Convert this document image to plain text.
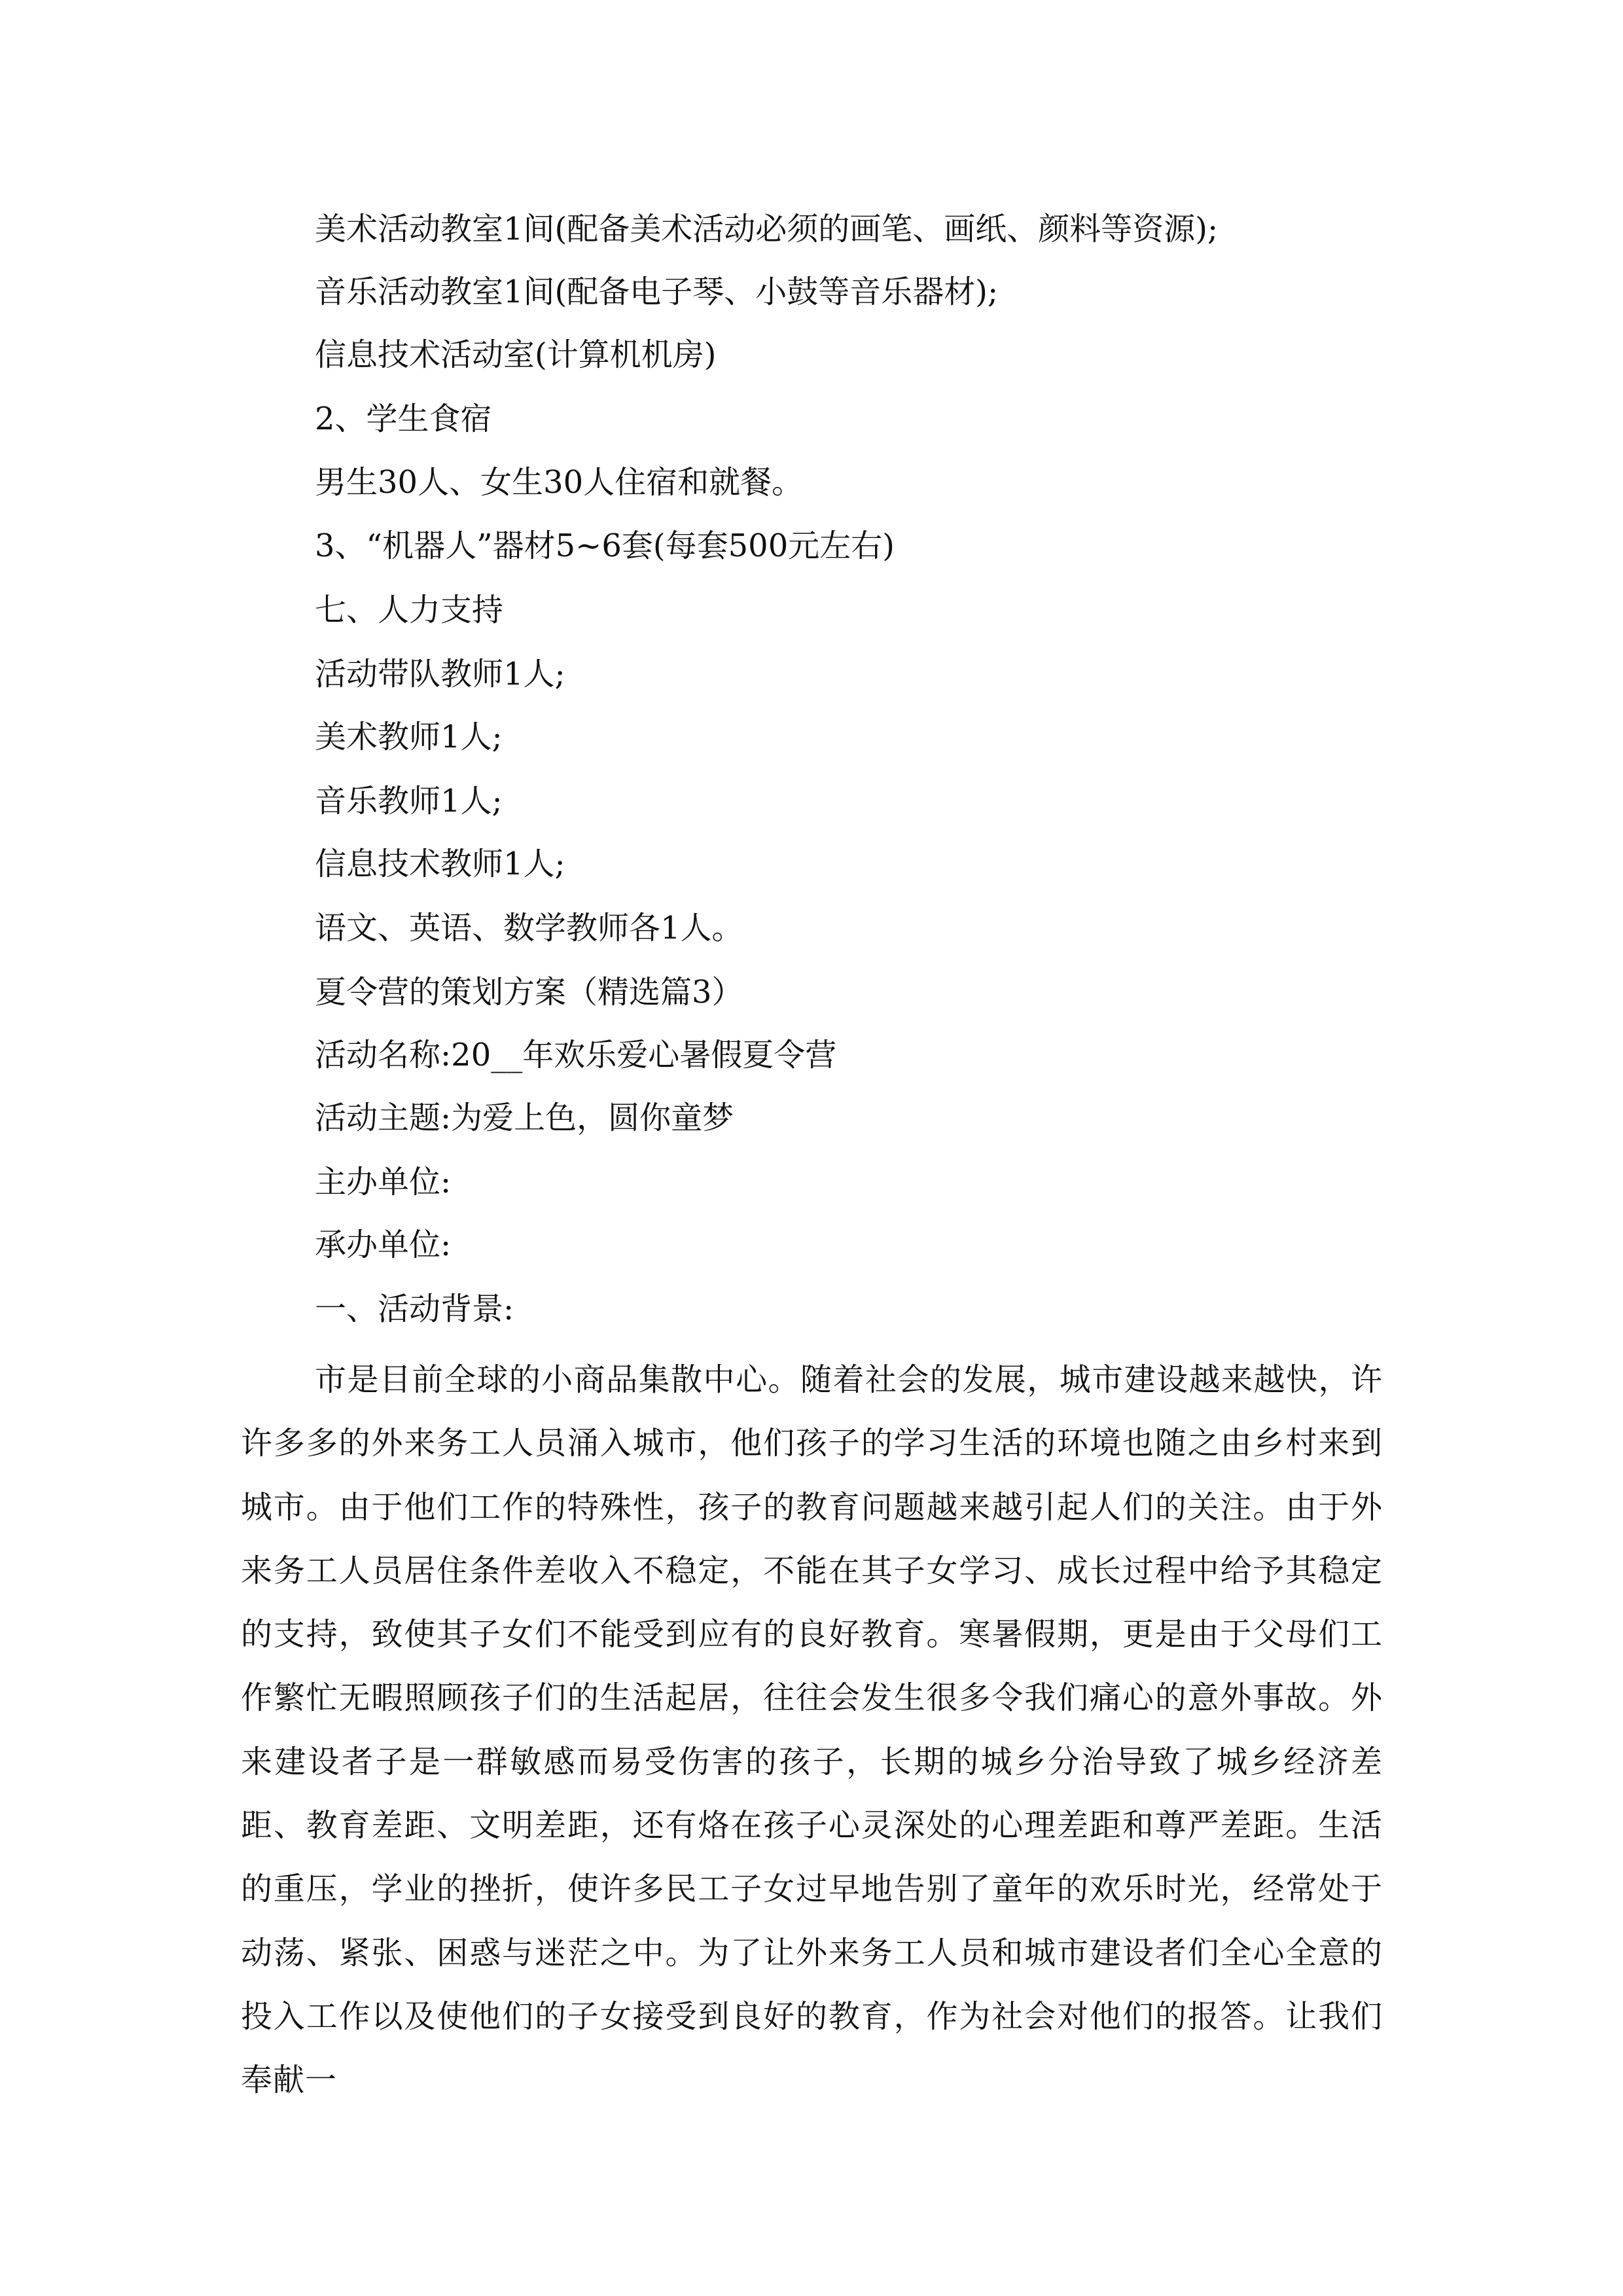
美术活动教室1间(配备美术活动必须的画笔、画纸、颜料等资源);
音乐活动教室1间(配备电子琴、小鼓等音乐器材);
信息技术活动室(计算机机房)
2、学生食宿
男生30人、女生30人住宿和就餐。
3、“机器人”器材5~6套(每套500元左右)
七、人力支持
活动带队教师1人;
美术教师1人;
音乐教师1人;
信息技术教师1人;
语文、英语、数学教师各1人。
夏令营的策划方案（精选篇3）
活动名称:20__年欢乐爱心暑假夏令营
活动主题:为爱上色，圆你童梦
主办单位:
承办单位:
一、活动背景:
市是目前全球的小商品集散中心。随着社会的发展，城市建设越来越快，许许多多的外来务工人员涌入城市，他们孩子的学习生活的环境也随之由乡村来到城市。由于他们工作的特殊性，孩子的教育问题越来越引起人们的关注。由于外来务工人员居住条件差收入不稳定，不能在其子女学习、成长过程中给予其稳定的支持，致使其子女们不能受到应有的良好教育。寒暑假期，更是由于父母们工作繁忙无暇照顾孩子们的生活起居，往往会发生很多令我们痛心的意外事故。外来建设者子是一群敏感而易受伤害的孩子，长期的城乡分治导致了城乡经济差距、教育差距、文明差距，还有烙在孩子心灵深处的心理差距和尊严差距。生活的重压，学业的挫折，使许多民工子女过早地告别了童年的欢乐时光，经常处于动荡、紧张、困惑与迷茫之中。为了让外来务工人员和城市建设者们全心全意的投入工作以及使他们的子女接受到良好的教育，作为社会对他们的报答。让我们奉献一
